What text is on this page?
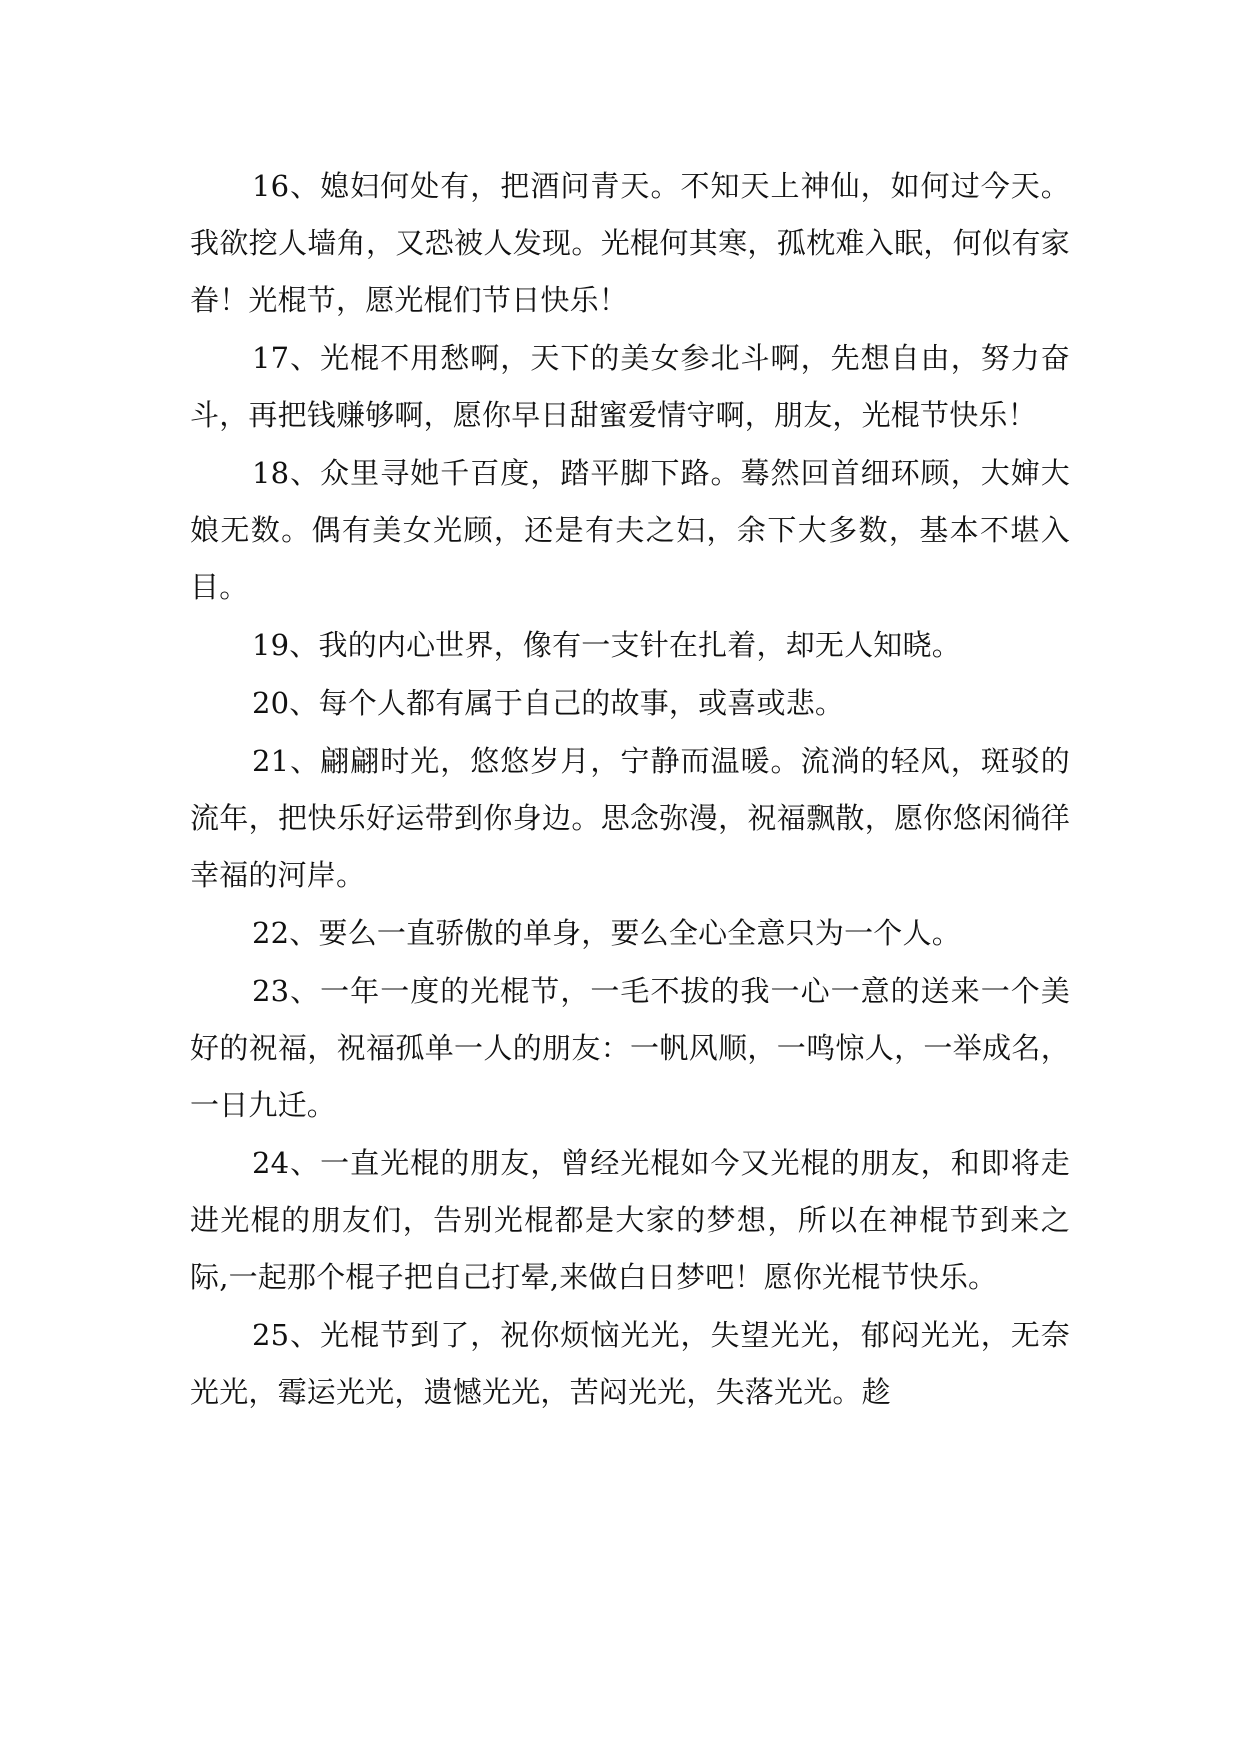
16、媳妇何处有，把酒问青天。不知天上神仙，如何过今天。我欲挖人墙角，又恐被人发现。光棍何其寒，孤枕难入眠，何似有家眷！光棍节，愿光棍们节日快乐！

17、光棍不用愁啊，天下的美女参北斗啊，先想自由，努力奋斗，再把钱赚够啊，愿你早日甜蜜爱情守啊，朋友，光棍节快乐！

18、众里寻她千百度，踏平脚下路。蓦然回首细环顾，大婶大娘无数。偶有美女光顾，还是有夫之妇，余下大多数，基本不堪入目。

19、我的内心世界，像有一支针在扎着，却无人知晓。

20、每个人都有属于自己的故事，或喜或悲。

21、翩翩时光，悠悠岁月，宁静而温暖。流淌的轻风，斑驳的流年，把快乐好运带到你身边。思念弥漫，祝福飘散，愿你悠闲徜徉幸福的河岸。

22、要么一直骄傲的单身，要么全心全意只为一个人。

23、一年一度的光棍节，一毛不拔的我一心一意的送来一个美好的祝福，祝福孤单一人的朋友：一帆风顺，一鸣惊人，一举成名，一日九迁。

24、一直光棍的朋友，曾经光棍如今又光棍的朋友，和即将走进光棍的朋友们，告别光棍都是大家的梦想，所以在神棍节到来之际,一起那个棍子把自己打晕,来做白日梦吧！愿你光棍节快乐。

25、光棍节到了，祝你烦恼光光，失望光光，郁闷光光，无奈光光，霉运光光，遗憾光光，苦闷光光，失落光光。趁
